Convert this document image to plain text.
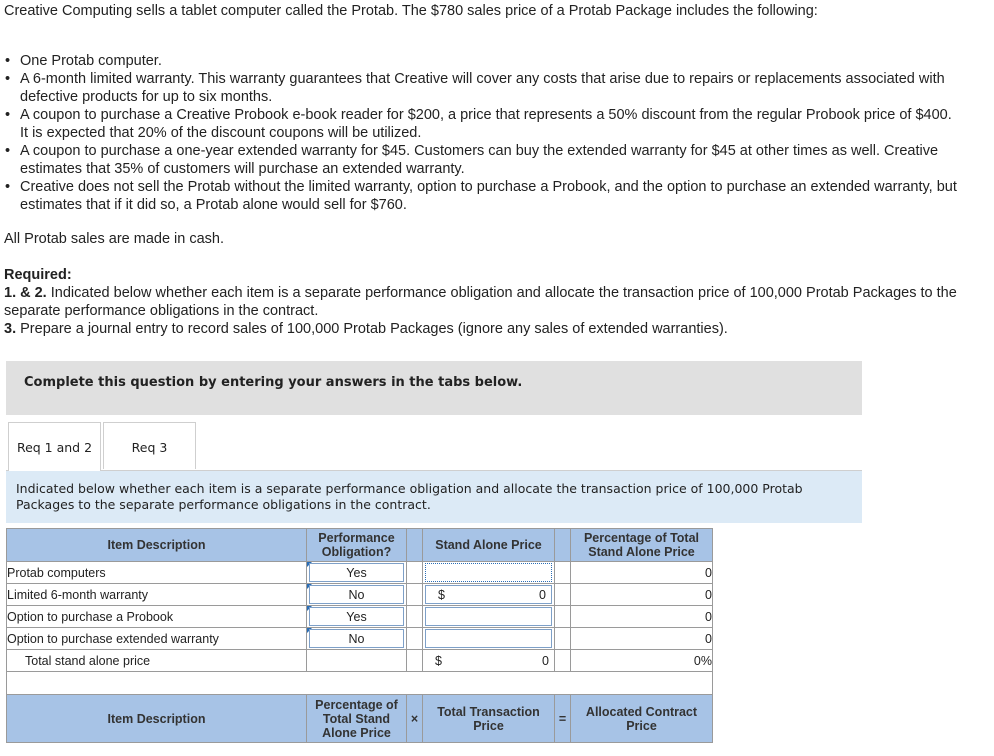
Creative Computing sells a tablet computer called the Protab. The $780 sales price of a Protab Package includes the following:

• One Protab computer.
• A 6-month limited warranty. This warranty guarantees that Creative will cover any costs that arise due to repairs or replacements associated with defective products for up to six months.
• A coupon to purchase a Creative Probook e-book reader for $200, a price that represents a 50% discount from the regular Probook price of $400. It is expected that 20% of the discount coupons will be utilized.
• A coupon to purchase a one-year extended warranty for $45. Customers can buy the extended warranty for $45 at other times as well. Creative estimates that 35% of customers will purchase an extended warranty.
• Creative does not sell the Protab without the limited warranty, option to purchase a Probook, and the option to purchase an extended warranty, but estimates that if it did so, a Protab alone would sell for $760.
All Protab sales are made in cash.
Required:
1. & 2. Indicated below whether each item is a separate performance obligation and allocate the transaction price of 100,000 Protab Packages to the separate performance obligations in the contract.
3. Prepare a journal entry to record sales of 100,000 Protab Packages (ignore any sales of extended warranties).
Complete this question by entering your answers in the tabs below.
Req 1 and 2	Req 3
Indicated below whether each item is a separate performance obligation and allocate the transaction price of 100,000 Protab Packages to the separate performance obligations in the contract.
Item Description	Performance Obligation?		Stand Alone Price		Percentage of Total Stand Alone Price
Protab computers	Yes				0
Limited 6-month warranty	No		$ 0		0
Option to purchase a Probook	Yes				0
Option to purchase extended warranty	No				0
Total stand alone price			$ 0		0%

Item Description	Percentage of Total Stand Alone Price	×	Total Transaction Price	=	Allocated Contract Price
